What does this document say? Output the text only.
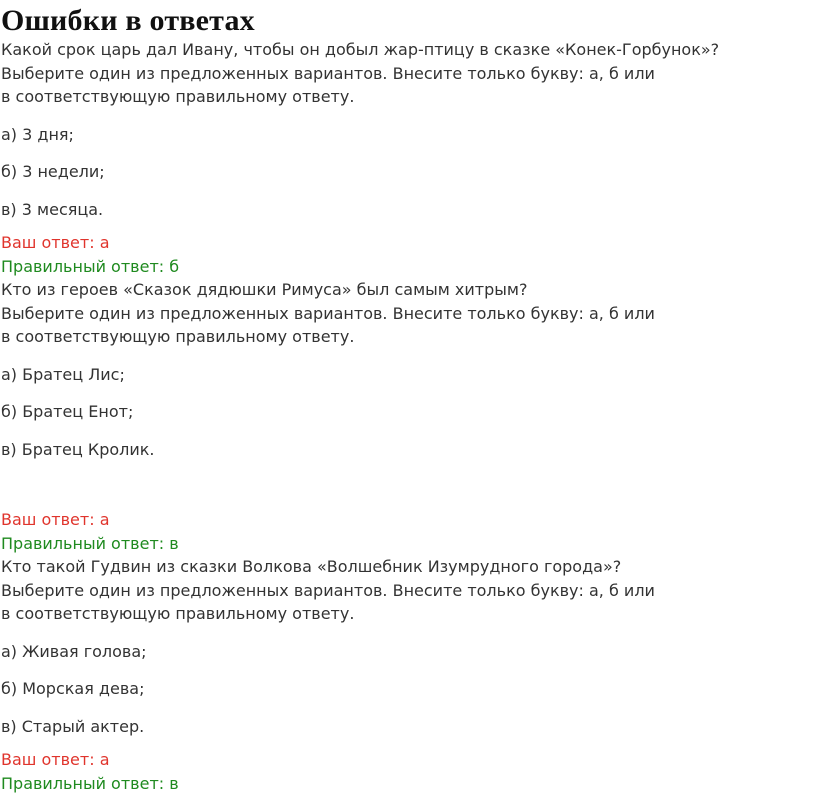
Ошибки в ответах

Какой срок царь дал Ивану, чтобы он добыл жар-птицу в сказке «Конек-Горбунок»?

Выберите один из предложенных вариантов. Внесите только букву: а, б или

в соответствующую правильному ответу.

а) 3 дня;

б) 3 недели;

в) 3 месяца.

Ваш ответ: а

Правильный ответ: б

Кто из героев «Сказок дядюшки Римуса» был самым хитрым?

Выберите один из предложенных вариантов. Внесите только букву: а, б или

в соответствующую правильному ответу.

а) Братец Лис;

б) Братец Енот;

в) Братец Кролик.

Ваш ответ: а

Правильный ответ: в

Кто такой Гудвин из сказки Волкова «Волшебник Изумрудного города»?

Выберите один из предложенных вариантов. Внесите только букву: а, б или

в соответствующую правильному ответу.

а) Живая голова;

б) Морская дева;

в) Старый актер.

Ваш ответ: а

Правильный ответ: в
